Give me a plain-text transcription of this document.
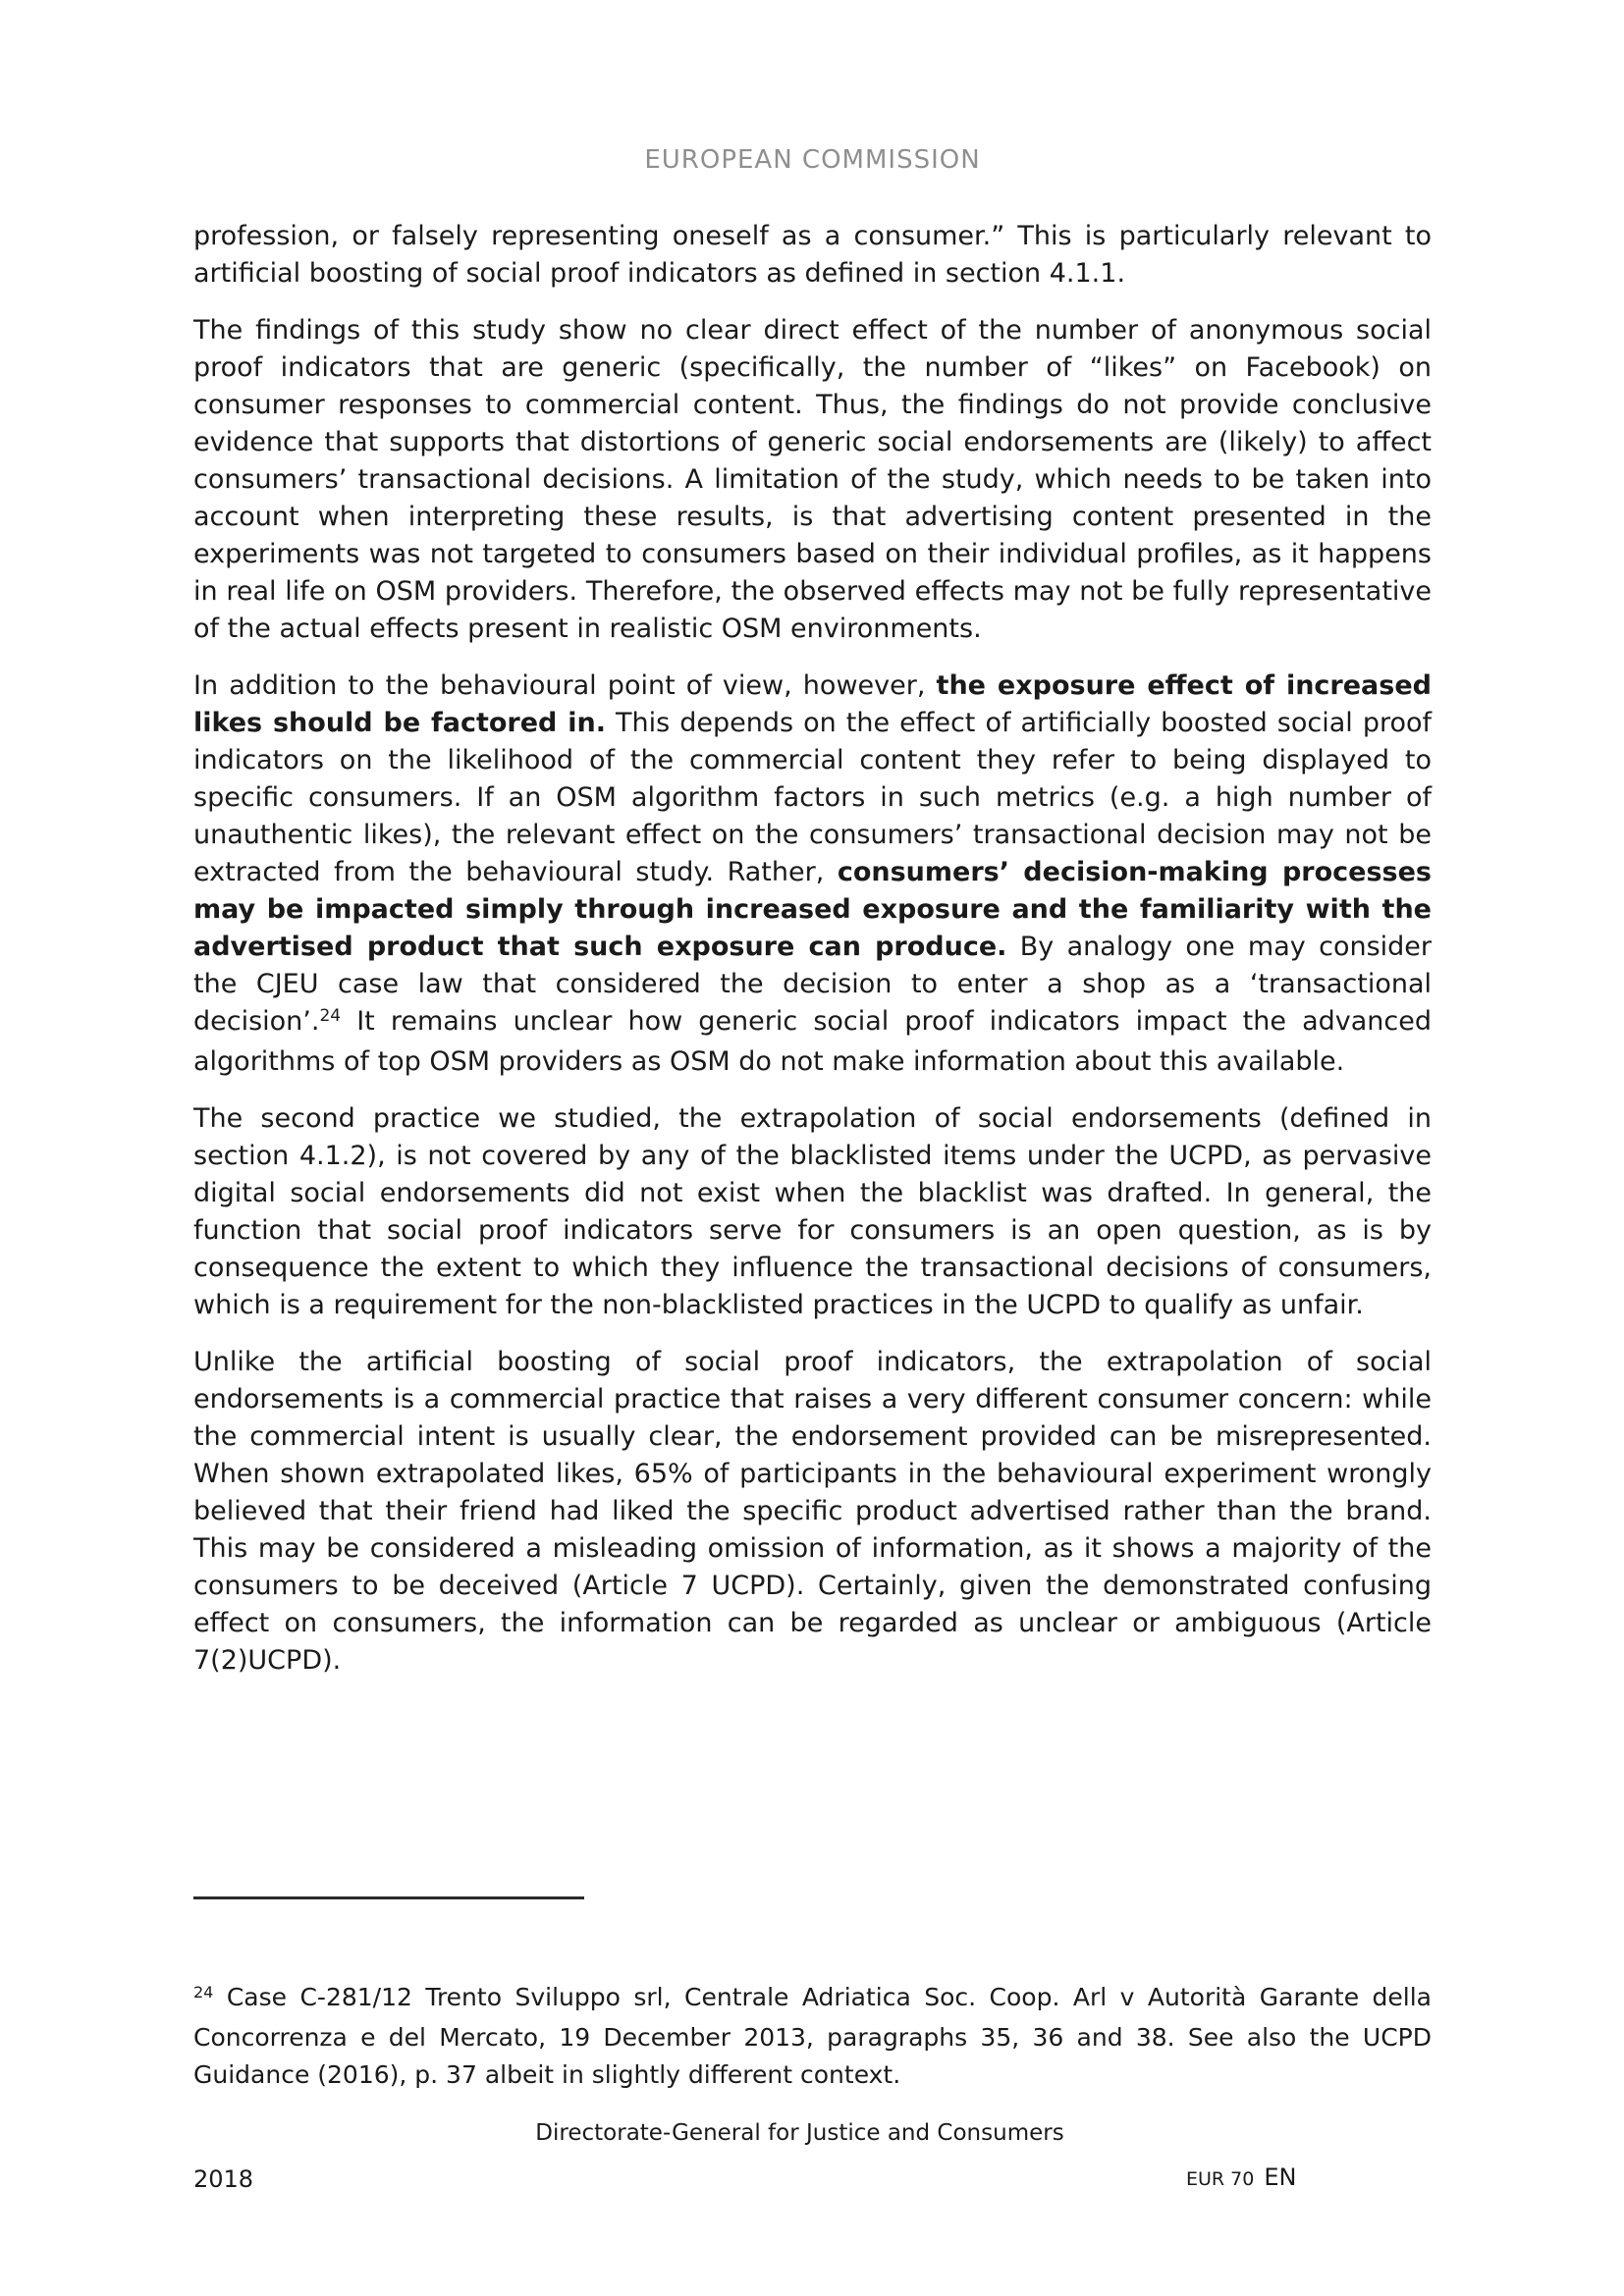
EUROPEAN COMMISSION

profession, or falsely representing oneself as a consumer.” This is particularly relevant to artificial boosting of social proof indicators as defined in section 4.1.1.

The findings of this study show no clear direct effect of the number of anonymous social proof indicators that are generic (specifically, the number of “likes” on Facebook) on consumer responses to commercial content. Thus, the findings do not provide conclusive evidence that supports that distortions of generic social endorsements are (likely) to affect consumers’ transactional decisions. A limitation of the study, which needs to be taken into account when interpreting these results, is that advertising content presented in the experiments was not targeted to consumers based on their individual profiles, as it happens in real life on OSM providers. Therefore, the observed effects may not be fully representative of the actual effects present in realistic OSM environments.

In addition to the behavioural point of view, however, the exposure effect of increased likes should be factored in. This depends on the effect of artificially boosted social proof indicators on the likelihood of the commercial content they refer to being displayed to specific consumers. If an OSM algorithm factors in such metrics (e.g. a high number of unauthentic likes), the relevant effect on the consumers’ transactional decision may not be extracted from the behavioural study. Rather, consumers’ decision-making processes may be impacted simply through increased exposure and the familiarity with the advertised product that such exposure can produce. By analogy one may consider the CJEU case law that considered the decision to enter a shop as a ‘transactional decision’.$^{24}$ It remains unclear how generic social proof indicators impact the advanced algorithms of top OSM providers as OSM do not make information about this available.

The second practice we studied, the extrapolation of social endorsements (defined in section 4.1.2), is not covered by any of the blacklisted items under the UCPD, as pervasive digital social endorsements did not exist when the blacklist was drafted. In general, the function that social proof indicators serve for consumers is an open question, as is by consequence the extent to which they influence the transactional decisions of consumers, which is a requirement for the non-blacklisted practices in the UCPD to qualify as unfair.

Unlike the artificial boosting of social proof indicators, the extrapolation of social endorsements is a commercial practice that raises a very different consumer concern: while the commercial intent is usually clear, the endorsement provided can be misrepresented. When shown extrapolated likes, 65% of participants in the behavioural experiment wrongly believed that their friend had liked the specific product advertised rather than the brand. This may be considered a misleading omission of information, as it shows a majority of the consumers to be deceived (Article 7 UCPD). Certainly, given the demonstrated confusing effect on consumers, the information can be regarded as unclear or ambiguous (Article 7(2)UCPD).

$^{24}$ Case C-281/12 Trento Sviluppo srl, Centrale Adriatica Soc. Coop. Arl v Autorità Garante della Concorrenza e del Mercato, 19 December 2013, paragraphs 35, 36 and 38. See also the UCPD Guidance (2016), p. 37 albeit in slightly different context.
Directorate-General for Justice and Consumers
2018	EUR 70 EN
